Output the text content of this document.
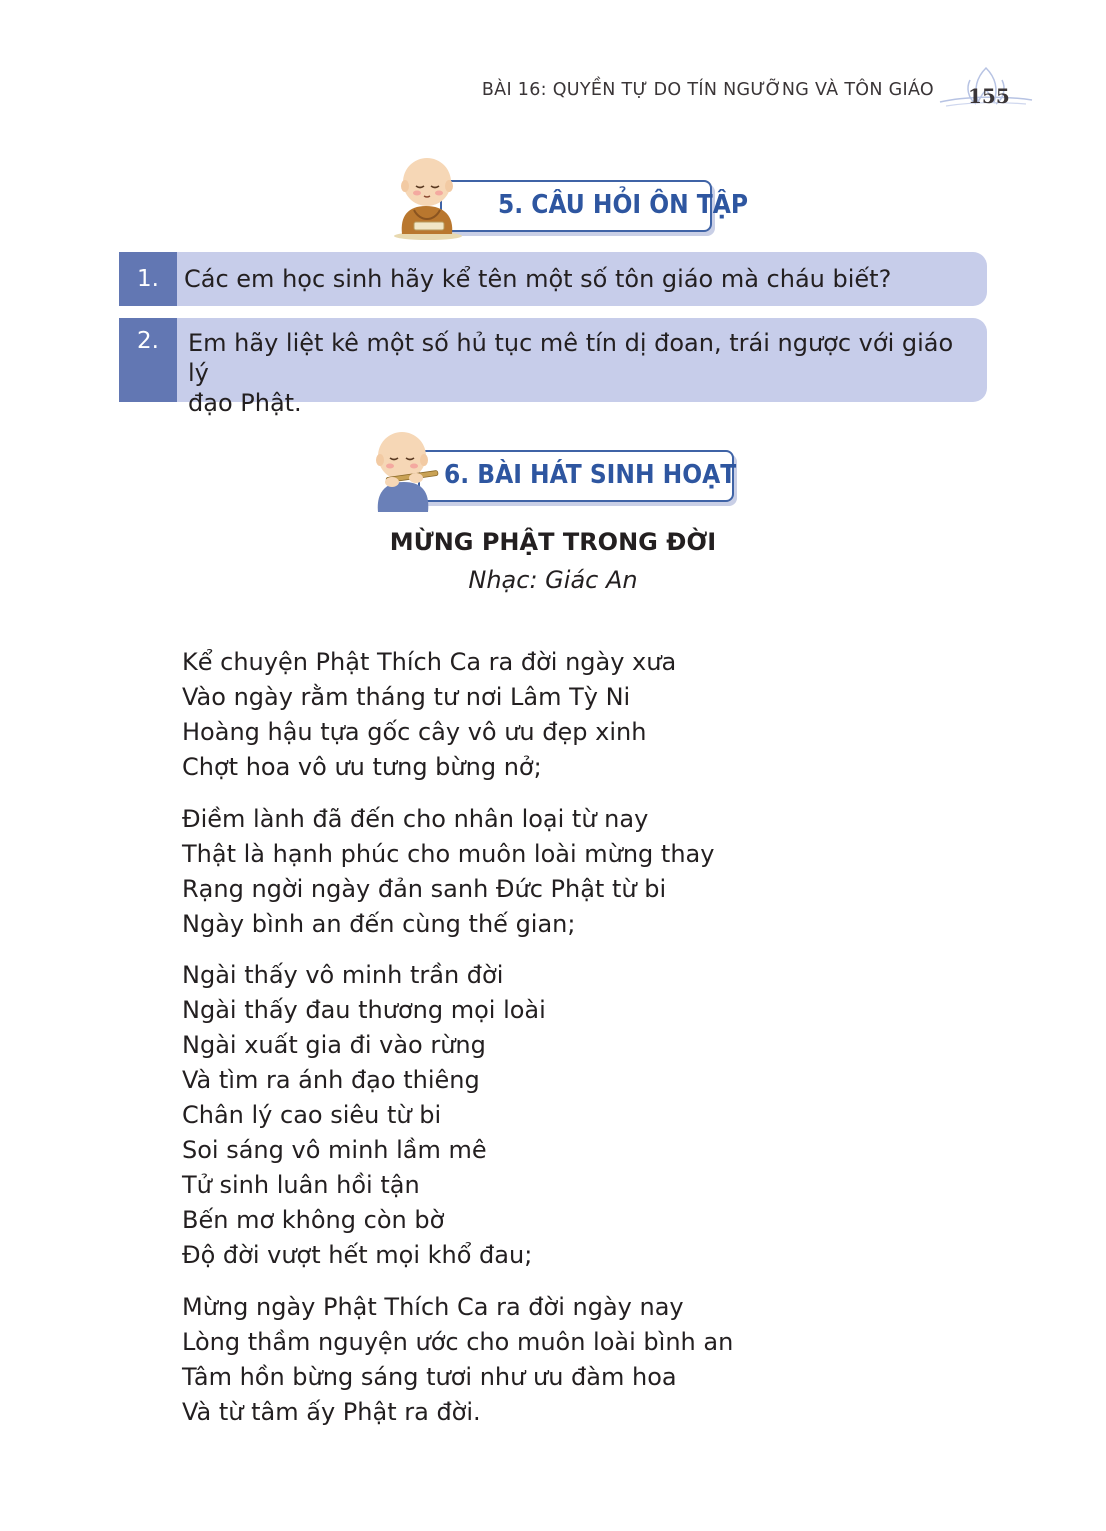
BÀI 16: QUYỀN TỰ DO TÍN NGƯỠNG VÀ TÔN GIÁO 155
5. CÂU HỎI ÔN TẬP
1.	Các em học sinh hãy kể tên một số tôn giáo mà cháu biết?
2.	Em hãy liệt kê một số hủ tục mê tín dị đoan, trái ngược với giáo lý
đạo Phật.
6. BÀI HÁT SINH HOẠT
MỪNG PHẬT TRONG ĐỜI
Nhạc: Giác An
Kể chuyện Phật Thích Ca ra đời ngày xưa
Vào ngày rằm tháng tư nơi Lâm Tỳ Ni
Hoàng hậu tựa gốc cây vô ưu đẹp xinh
Chợt hoa vô ưu tưng bừng nở;
Điềm lành đã đến cho nhân loại từ nay
Thật là hạnh phúc cho muôn loài mừng thay
Rạng ngời ngày đản sanh Đức Phật từ bi
Ngày bình an đến cùng thế gian;
Ngài thấy vô minh trần đời
Ngài thấy đau thương mọi loài
Ngài xuất gia đi vào rừng
Và tìm ra ánh đạo thiêng
Chân lý cao siêu từ bi
Soi sáng vô minh lầm mê
Tử sinh luân hồi tận
Bến mơ không còn bờ
Độ đời vượt hết mọi khổ đau;
Mừng ngày Phật Thích Ca ra đời ngày nay
Lòng thầm nguyện ước cho muôn loài bình an
Tâm hồn bừng sáng tươi như ưu đàm hoa
Và từ tâm ấy Phật ra đời.
